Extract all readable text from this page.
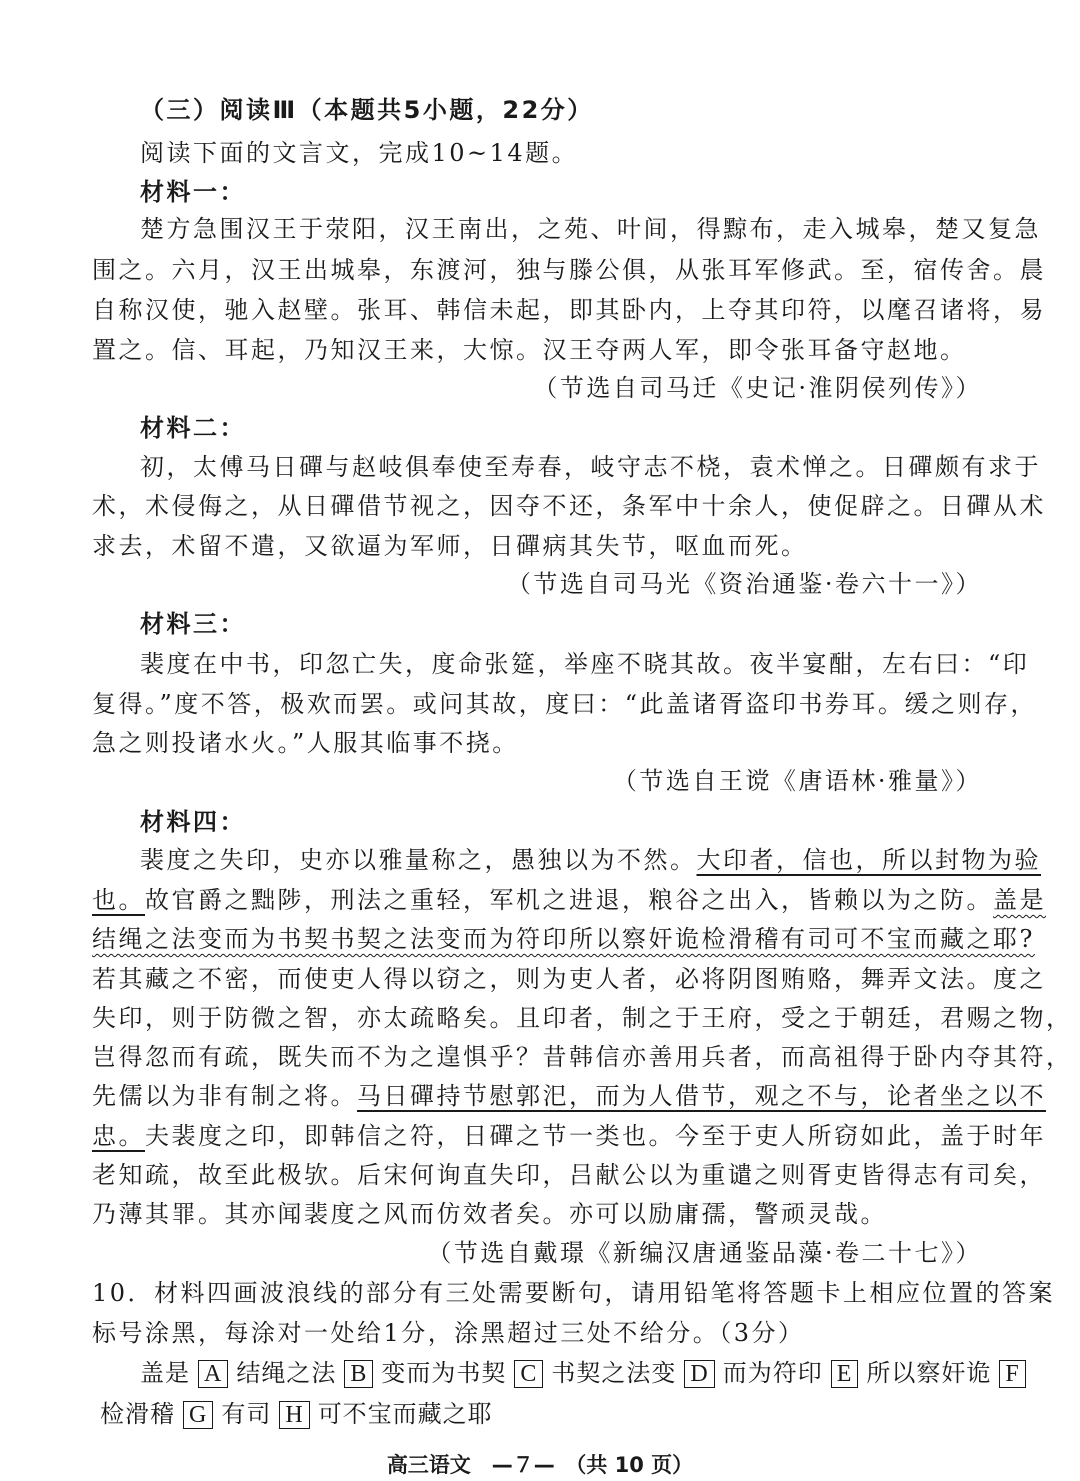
（三）阅读Ⅲ（本题共5小题，22分）
阅读下面的文言文，完成10~14题。
材料一：
楚方急围汉王于荥阳，汉王南出，之苑、叶间，得黥布，走入城皋，楚又复急
围之。六月，汉王出城皋，东渡河，独与滕公俱，从张耳军修武。至，宿传舍。晨
自称汉使，驰入赵壁。张耳、韩信未起，即其卧内，上夺其印符，以麾召诸将，易
置之。信、耳起，乃知汉王来，大惊。汉王夺两人军，即令张耳备守赵地。
（节选自司马迁《史记·淮阴侯列传》）
材料二：
初，太傅马日磾与赵岐俱奉使至寿春，岐守志不桡，袁术惮之。日磾颇有求于
术，术侵侮之，从日磾借节视之，因夺不还，条军中十余人，使促辟之。日磾从术
求去，术留不遣，又欲逼为军师，日磾病其失节，呕血而死。
（节选自司马光《资治通鉴·卷六十一》）
材料三：
裴度在中书，印忽亡失，度命张筵，举座不晓其故。夜半宴酣，左右曰：“印
复得。”度不答，极欢而罢。或问其故，度曰：“此盖诸胥盗印书券耳。缓之则存，
急之则投诸水火。”人服其临事不挠。
（节选自王谠《唐语林·雅量》）
材料四：
裴度之失印，史亦以雅量称之，愚独以为不然。大印者，信也，所以封物为验
也。故官爵之黜陟，刑法之重轻，军机之进退，粮谷之出入，皆赖以为之防。盖是
结绳之法变而为书契书契之法变而为符印所以察奸诡检滑稽有司可不宝而藏之耶?
若其藏之不密，而使吏人得以窃之，则为吏人者，必将阴图贿赂，舞弄文法。度之
失印，则于防微之智，亦太疏略矣。且印者，制之于王府，受之于朝廷，君赐之物，
岂得忽而有疏，既失而不为之遑惧乎？昔韩信亦善用兵者，而高祖得于卧内夺其符，
先儒以为非有制之将。马日磾持节慰郭汜，而为人借节，观之不与，论者坐之以不
忠。夫裴度之印，即韩信之符，日磾之节一类也。今至于吏人所窃如此，盖于时年
老知疏，故至此极欤。后宋何询直失印，吕献公以为重谴之则胥吏皆得志有司矣，
乃薄其罪。其亦闻裴度之风而仿效者矣。亦可以励庸孺，警顽灵哉。
（节选自戴璟《新编汉唐通鉴品藻·卷二十七》）
10．材料四画波浪线的部分有三处需要断句，请用铅笔将答题卡上相应位置的答案
标号涂黑，每涂对一处给1分，涂黑超过三处不给分。（3分）
盖是 A 结绳之法 B 变而为书契 C 书契之法变 D 而为符印 E 所以察奸诡 F
检滑稽 G 有司 H 可不宝而藏之耶
高三语文　—７—　（共 10 页）
